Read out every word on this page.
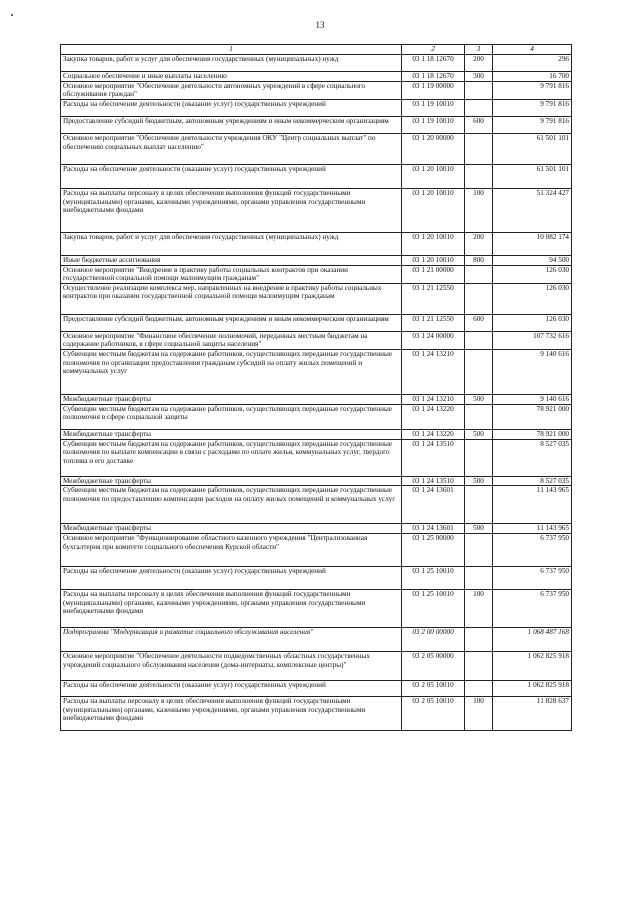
13
1	2	3	4
Закупка товаров, работ и услуг для обеспечения государственных (муниципальных) нужд	03 1 18 12670	200	296
Социальное обеспечение и иные выплаты населению	03 1 18 12670	300	16 700
Основное мероприятие "Обеспечение деятельности автономных учреждений в сфере социального обслуживания граждан"	03 1 19 00000		9 791 816
Расходы на обеспечение деятельности (оказание услуг) государственных учреждений	03 1 19 10010		9 791 816
Предоставление субсидий бюджетным, автономным учреждениям и иным некоммерческим организациям	03 1 19 10010	600	9 791 816
Основное мероприятие "Обеспечение деятельности учреждения ОКУ "Центр социальных выплат" по обеспечению социальных выплат населению"	03 1 20 00000		61 501 101
Расходы на обеспечение деятельности (оказание услуг) государственных учреждений	03 1 20 10010		61 501 101
Расходы на выплаты персоналу в целях обеспечения выполнения функций государственными (муниципальными) органами, казенными учреждениями, органами управления государственными внебюджетными фондами	03 1 20 10010	100	51 324 427
Закупка товаров, работ и услуг для обеспечения государственных (муниципальных) нужд	03 1 20 10010	200	10 082 174
Иные бюджетные ассигнования	03 1 20 10010	800	94 500
Основное мероприятие "Внедрение в практику работы социальных контрактов при оказании государственной социальной помощи малоимущим гражданам"	03 1 21 00000		126 030
Осуществление реализации комплекса мер, направленных на внедрение в практику работы социальных контрактов при оказании государственной социальной помощи малоимущим гражданам	03 1 21 12550		126 030
Предоставление субсидий бюджетным, автономным учреждениям и иным некоммерческим организациям	03 1 21 12550	600	126 030
Основное мероприятие "Финансовое обеспечение полномочий, переданных местным бюджетам на содержание работников, в сфере социальной защиты населения"	03 1 24 00000		107 732 616
Субвенции местным бюджетам на содержание работников, осуществляющих переданные государственные полномочия по организации предоставления гражданам субсидий на оплату жилых помещений и коммунальных услуг	03 1 24 13210		9 140 616
Межбюджетные трансферты	03 1 24 13210	500	9 140 616
Субвенции местным бюджетам на содержание работников, осуществляющих переданные государственные полномочия в сфере социальной защиты	03 1 24 13220		78 921 000
Межбюджетные трансферты	03 1 24 13220	500	78 921 000
Субвенции местным бюджетам на содержание работников, осуществляющих переданные государственные полномочия по выплате компенсации в связи с расходами по оплате жилья, коммунальных услуг, твердого топлива и его доставке	03 1 24 13510		8 527 035
Межбюджетные трансферты	03 1 24 13510	500	8 527 035
Субвенции местным бюджетам на содержание работников, осуществляющих переданные государственные полномочия по предоставлению компенсации расходов на оплату жилых помещений и коммунальных услуг	03 1 24 13601		11 143 965
Межбюджетные трансферты	03 1 24 13601	500	11 143 965
Основное мероприятие "Функционирование областного казенного учреждения "Централизованная бухгалтерия при комитете социального обеспечения Курской области"	03 1 25 00000		6 737 950
Расходы на обеспечение деятельности (оказание услуг) государственных учреждений	03 1 25 10010		6 737 950
Расходы на выплаты персоналу в целях обеспечения выполнения функций государственными (муниципальными) органами, казенными учреждениями, органами управления государственными внебюджетными фондами	03 1 25 10010	100	6 737 950
Подпрограмма "Модернизация и развитие социального обслуживания населения"	03 2 00 00000		1 068 487 168
Основное мероприятие "Обеспечение деятельности подведомственных областных государственных учреждений социального обслуживания населения (дома-интернаты, комплексные центры)"	03 2 05 00000		1 062 825 918
Расходы на обеспечение деятельности (оказание услуг) государственных учреждений	03 2 05 10010		1 062 825 918
Расходы на выплаты персоналу в целях обеспечения выполнения функций государственными (муниципальными) органами, казенными учреждениями, органами управления государственными внебюджетными фондами	03 2 05 10010	100	11 828 637
